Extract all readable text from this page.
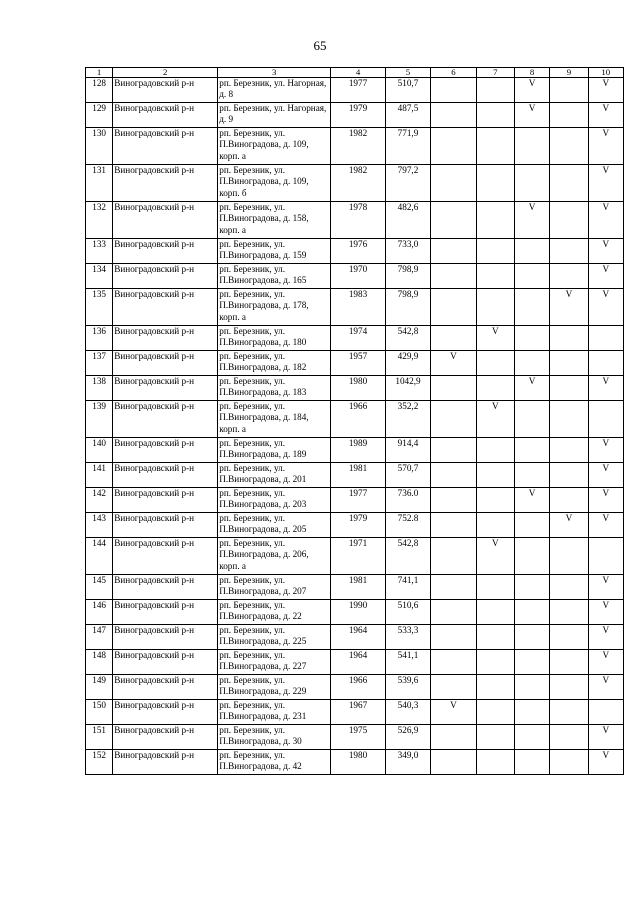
65
1	2	3	4	5	6	7	8	9	10
128	Виноградовский р-н	рп. Березник, ул. Нагорная, д. 8	1977	510,7			V		V
129	Виноградовский р-н	рп. Березник, ул. Нагорная, д. 9	1979	487,5			V		V
130	Виноградовский р-н	рп. Березник, ул. П.Виноградова, д. 109, корп. а	1982	771,9					V
131	Виноградовский р-н	рп. Березник, ул. П.Виноградова, д. 109, корп. б	1982	797,2					V
132	Виноградовский р-н	рп. Березник, ул. П.Виноградова, д. 158, корп. а	1978	482,6			V		V
133	Виноградовский р-н	рп. Березник, ул. П.Виноградова, д. 159	1976	733,0					V
134	Виноградовский р-н	рп. Березник, ул. П.Виноградова, д. 165	1970	798,9					V
135	Виноградовский р-н	рп. Березник, ул. П.Виноградова, д. 178, корп. а	1983	798,9				V	V
136	Виноградовский р-н	рп. Березник, ул. П.Виноградова, д. 180	1974	542,8		V			
137	Виноградовский р-н	рп. Березник, ул. П.Виноградова, д. 182	1957	429,9	V				
138	Виноградовский р-н	рп. Березник, ул. П.Виноградова, д. 183	1980	1042,9			V		V
139	Виноградовский р-н	рп. Березник, ул. П.Виноградова, д. 184, корп. а	1966	352,2		V			
140	Виноградовский р-н	рп. Березник, ул. П.Виноградова, д. 189	1989	914,4					V
141	Виноградовский р-н	рп. Березник, ул. П.Виноградова, д. 201	1981	570,7					V
142	Виноградовский р-н	рп. Березник, ул. П.Виноградова, д. 203	1977	736.0			V		V
143	Виноградовский р-н	рп. Березник, ул. П.Виноградова, д. 205	1979	752.8				V	V
144	Виноградовский р-н	рп. Березник, ул. П.Виноградова, д. 206, корп. а	1971	542,8		V			
145	Виноградовский р-н	рп. Березник, ул. П.Виноградова, д. 207	1981	741,1					V
146	Виноградовский р-н	рп. Березник, ул. П.Виноградова, д. 22	1990	510,6					V
147	Виноградовский р-н	рп. Березник, ул. П.Виноградова, д. 225	1964	533,3					V
148	Виноградовский р-н	рп. Березник, ул. П.Виноградова, д. 227	1964	541,1					V
149	Виноградовский р-н	рп. Березник, ул. П.Виноградова, д. 229	1966	539,6					V
150	Виноградовский р-н	рп. Березник, ул. П.Виноградова, д. 231	1967	540,3	V				
151	Виноградовский р-н	рп. Березник, ул. П.Виноградова, д. 30	1975	526,9					V
152	Виноградовский р-н	рп. Березник, ул. П.Виноградова, д. 42	1980	349,0					V
